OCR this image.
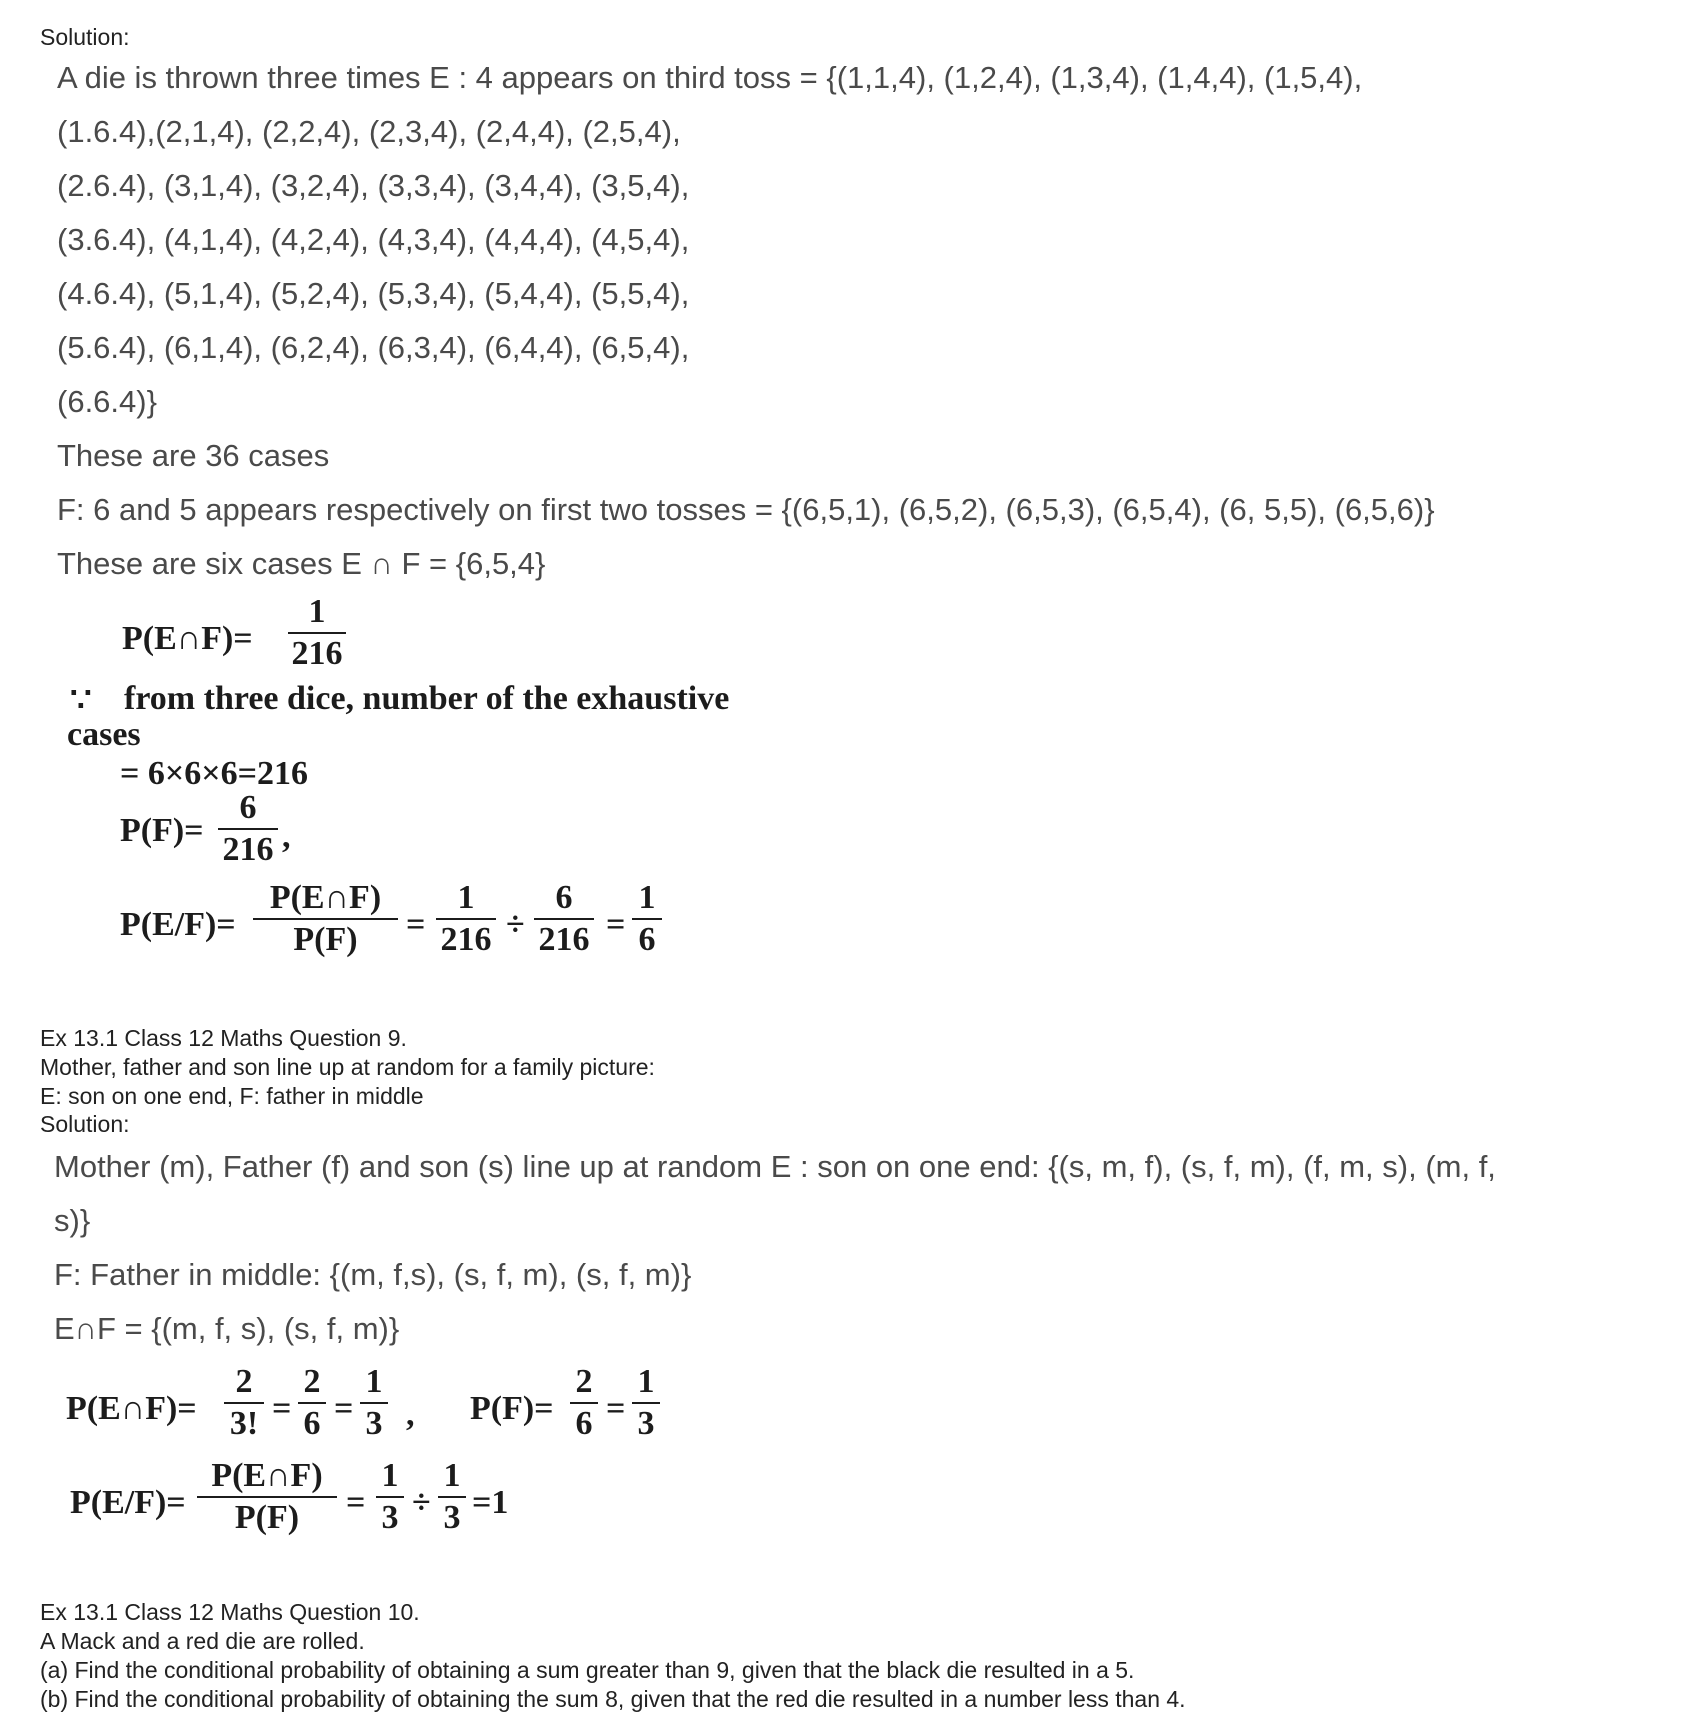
Solution:
A die is thrown three times E : 4 appears on third toss = {(1,1,4), (1,2,4), (1,3,4), (1,4,4), (1,5,4),
(1.6.4),(2,1,4), (2,2,4), (2,3,4), (2,4,4), (2,5,4),
(2.6.4), (3,1,4), (3,2,4), (3,3,4), (3,4,4), (3,5,4),
(3.6.4), (4,1,4), (4,2,4), (4,3,4), (4,4,4), (4,5,4),
(4.6.4), (5,1,4), (5,2,4), (5,3,4), (5,4,4), (5,5,4),
(5.6.4), (6,1,4), (6,2,4), (6,3,4), (6,4,4), (6,5,4),
(6.6.4)}
These are 36 cases
F: 6 and 5 appears respectively on first two tosses = {(6,5,1), (6,5,2), (6,5,3), (6,5,4), (6, 5,5), (6,5,6)}
These are six cases E ∩ F = {6,5,4}
P(E∩F)=
1
216
∵ from three dice, number of the exhaustive
cases
= 6×6×6=216
P(F)=
6
216 ,
P(E/F)=
P(E∩F)
P(F)	=
1
216 ÷
6
216 =
1
6
Ex 13.1 Class 12 Maths Question 9.
Mother, father and son line up at random for a family picture:
E: son on one end, F: father in middle
Solution:
Mother (m), Father (f) and son (s) line up at random E : son on one end: {(s, m, f), (s, f, m), (f, m, s), (m, f,
s)}
F: Father in middle: {(m, f,s), (s, f, m), (s, f, m)}
E∩F = {(m, f, s), (s, f, m)}
P(E∩F)=
2
3! =
2
6 =
1
3 , P(F)=
2
6 =
1
3
P(E/F)=
P(E∩F)
P(F)	=
1
3 ÷
1
3 =1
Ex 13.1 Class 12 Maths Question 10.
A Mack and a red die are rolled.
(a) Find the conditional probability of obtaining a sum greater than 9, given that the black die resulted in a 5.
(b) Find the conditional probability of obtaining the sum 8, given that the red die resulted in a number less than 4.
